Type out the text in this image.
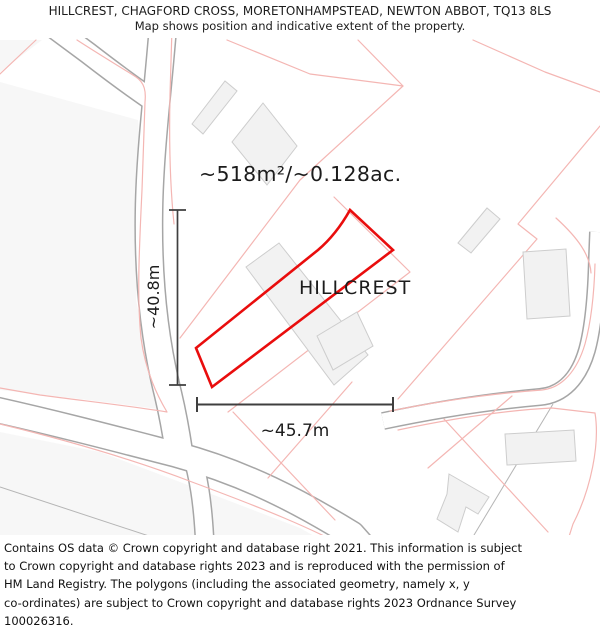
HILLCREST, CHAGFORD CROSS, MORETONHAMPSTEAD, NEWTON ABBOT, TQ13 8LS
Map shows position and indicative extent of the property.
~518m²/~0.128ac.
HILLCREST
~45.7m
~40.8m
Contains OS data © Crown copyright and database right 2021. This information is subject
to Crown copyright and database rights 2023 and is reproduced with the permission of
HM Land Registry. The polygons (including the associated geometry, namely x, y
co-ordinates) are subject to Crown copyright and database rights 2023 Ordnance Survey
100026316.
